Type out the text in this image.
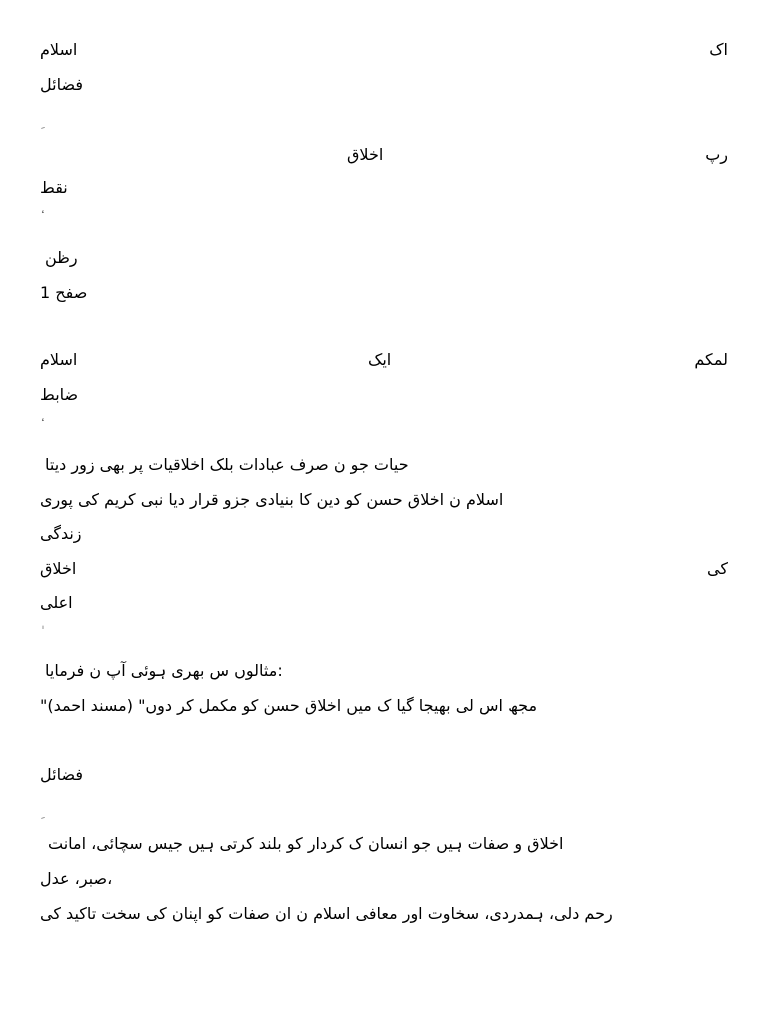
اسلام	اک
فضائل
اخلاق	رپ
نقط
رظن
صفح 1
اسلام	ایک	لمکم
ضابط
حیات جو ن صرف عبادات بلک اخلاقیات پر بھی زور دیتا
اسلام ن اخلاق حسن کو دین کا بنیادی جزو قرار دیا نبی کریم کی پوری
زندگی
اخلاق	کی
اعلی
مثالوں س بھری ہوئی آپ ن فرمایا:
"مجھ اس لی بھیجا گیا ک میں اخلاق حسن کو مکمل کر دوں" (مسند احمد)
فضائل
اخلاق و صفات ہیں جو انسان ک کردار کو بلند کرتی ہیں جیس سچائی، امانت
صبر، عدل،
رحم دلی، ہمدردی، سخاوت اور معافی اسلام ن ان صفات کو اپنان کی سخت تاکید کی
